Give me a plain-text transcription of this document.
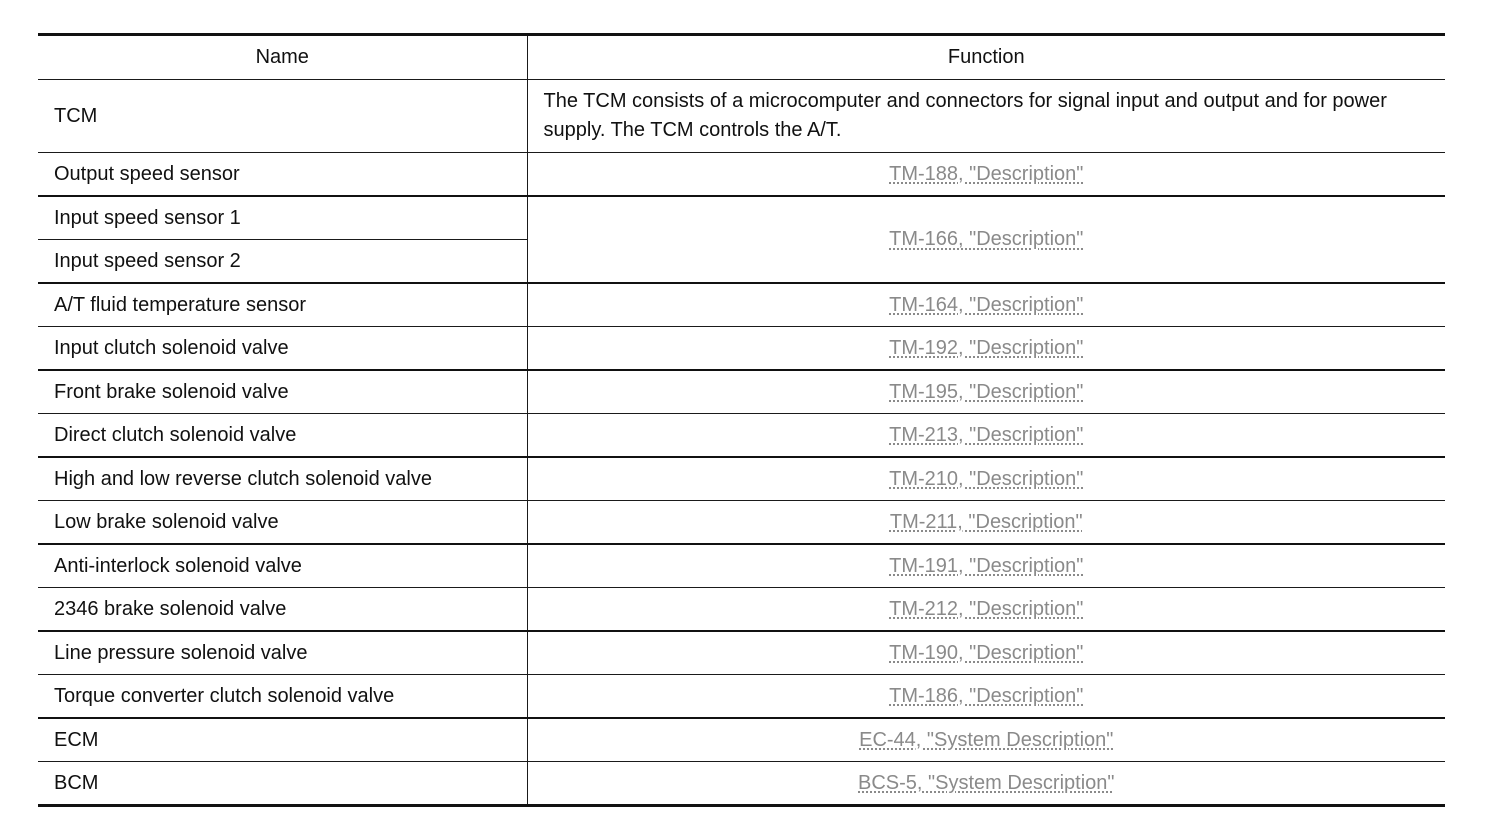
Name	Function
TCM	The TCM consists of a microcomputer and connectors for signal input and output and for power supply. The TCM controls the A/T.
Output speed sensor	TM-188, "Description"
Input speed sensor 1	TM-166, "Description"
Input speed sensor 2	
A/T fluid temperature sensor	TM-164, "Description"
Input clutch solenoid valve	TM-192, "Description"
Front brake solenoid valve	TM-195, "Description"
Direct clutch solenoid valve	TM-213, "Description"
High and low reverse clutch solenoid valve	TM-210, "Description"
Low brake solenoid valve	TM-211, "Description"
Anti-interlock solenoid valve	TM-191, "Description"
2346 brake solenoid valve	TM-212, "Description"
Line pressure solenoid valve	TM-190, "Description"
Torque converter clutch solenoid valve	TM-186, "Description"
ECM	EC-44, "System Description"
BCM	BCS-5, "System Description"
